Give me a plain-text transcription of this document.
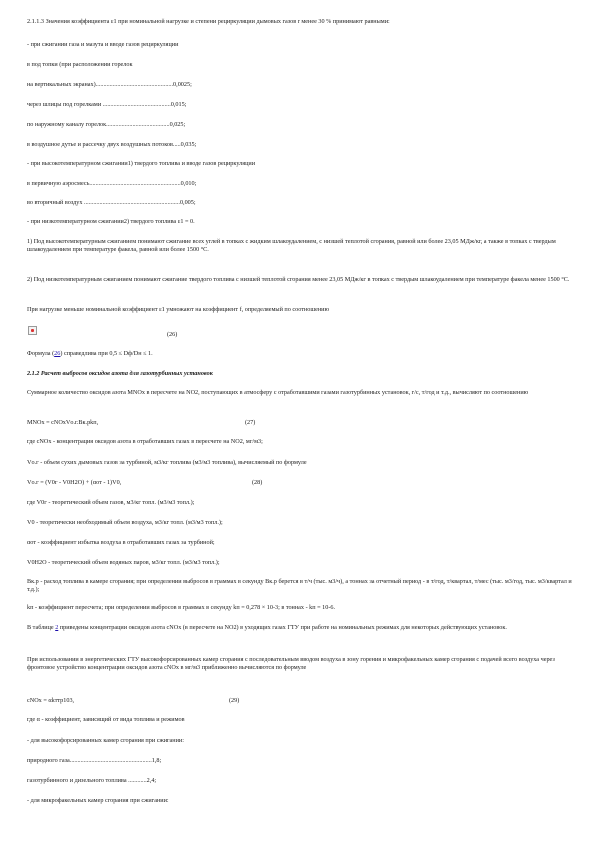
2.1.1.3 Значения коэффициента ε1 при номинальной нагрузке и степени рециркуляции дымовых газов r менее 30 % принимают равными:

- при сжигании газа и мазута и вводе газов рециркуляции

в под топки (при расположении горелок

на вертикальных экранах)..................................................0,0025;

через шлицы под горелками ............................................0,015;

по наружному каналу горелок.........................................0,025;

в воздушное дутье и рассечку двух воздушных потоков.....0,035;

- при высокотемпературном сжигании1) твердого топлива и вводе газов рециркуляции

в первичную аэросмесь...........................................................0,010;

во вторичный воздух ..............................................................0,005;

- при низкотемпературном сжигании2) твердого топлива ε1 = 0.

1) Под высокотемпературным сжиганием понимают сжигание всех углей в топках с жидким шлакоудалением, с низшей теплотой сгорания, равной или более 23,05 МДж/кг, а также в топках с твердым шлакоудалением при температуре факела, равной или более 1500 °С.

2) Под низкотемпературным сжиганием понимают сжигание твердого топлива с низшей теплотой сгорания менее 23,05 МДж/кг в топках с твердым шлакоудалением при температуре факела менее 1500 °С.

При нагрузке меньше номинальной коэффициент ε1 умножают на коэффициент f, определяемый по соотношению

(26)

Формула (26) справедлива при 0,5 ≤ Dф/Dн ≤ 1.

2.1.2 Расчет выбросов оксидов азота для газотурбинных установок

Суммарное количество оксидов азота MNOх в пересчете на NO2, поступающих в атмосферу с отработавшими газами газотурбинных установок, г/с, т/год и т.д., вычисляют по соотношению

MNOх = cNOхVо.г.Bк.pkп,	(27)

где cNOх - концентрация оксидов азота в отработавших газах в пересчете на NO2, мг/м3;

Vо.г - объем сухих дымовых газов за турбиной, м3/кг топлива (м3/м3 топлива), вычисляемый по формуле

Vо.г = (V0г - V0H2O) + (αот - 1)V0,	(28)

где V0г - теоретический объем газов, м3/кг топл. (м3/м3 топл.);

V0 - теоретически необходимый объем воздуха, м3/кг топл. (м3/м3 топл.);

αот - коэффициент избытка воздуха в отработавших газах за турбиной;

V0H2O - теоретический объем водяных паров, м3/кг топл. (м3/м3 топл.);

Bк.р - расход топлива в камере сгорания; при определении выбросов в граммах в секунду Bк.р берется в т/ч (тыс. м3/ч), а тоннах за отчетный период - в т/год, т/квартал, т/мес (тыс. м3/год, тыс. м3/квартал и т.д.);

kп - коэффициент пересчета; при определении выбросов в граммах в секунду kп = 0,278 × 10-3; в тоннах - kп = 10-6.

В таблице 2 приведены концентрации оксидов азота cNOх (в пересчете на NO2) в уходящих газах ГТУ при работе на номинальных режимах для некоторых действующих установок.

При использовании в энергетических ГТУ высокофорсированных камер сгорания с последовательным вводом воздуха в зону горения и микрофакельных камер сгорания с подачей всего воздуха через фронтовое устройство концентрации оксидов азота cNOх в мг/м3 приближенно вычисляются по формуле

cNOх = αkттр103,	(29)

где α - коэффициент, зависящий от вида топлива и режимов

- для высокофорсированных камер сгорания при сжигании:

природного газа.....................................................1,8;

газотурбинного и дизельного топлива ............2,4;

- для микрофакельных камер сгорания при сжигании:
